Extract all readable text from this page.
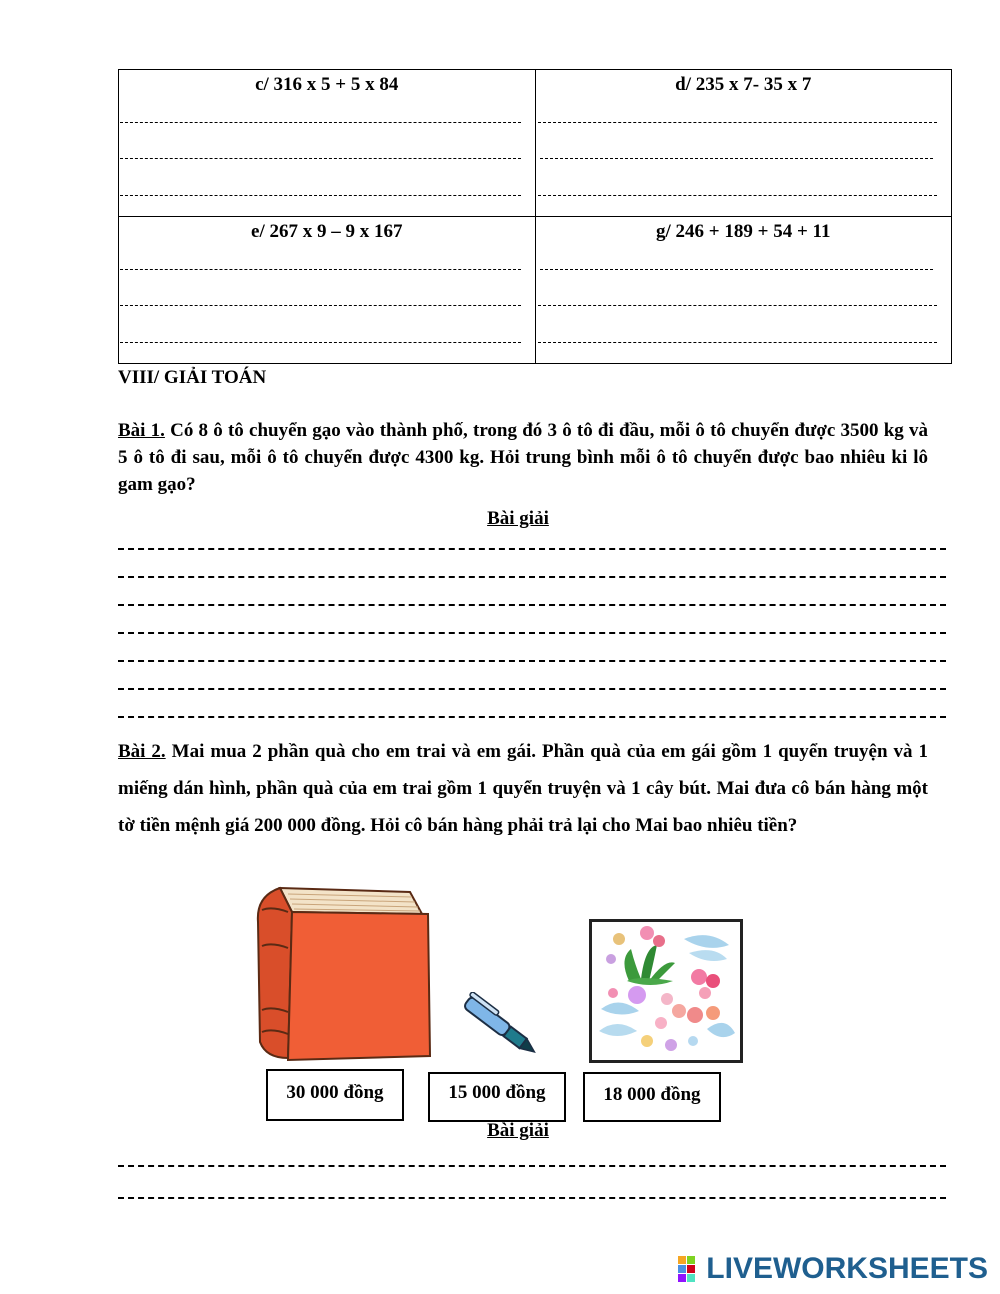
c/ 316 x 5 + 5 x 84	d/ 235 x 7- 35 x 7

e/ 267 x 9 – 9 x 167	g/ 246 + 189 + 54 + 11
VIII/ GIẢI TOÁN
Bài 1. Có 8 ô tô chuyển gạo vào thành phố, trong đó 3 ô tô đi đầu, mỗi ô tô chuyển được 3500 kg và 5 ô tô đi sau, mỗi ô tô chuyển được 4300 kg. Hỏi trung bình mỗi ô tô chuyển được bao nhiêu ki lô gam gạo?
Bài giải
Bài 2. Mai mua 2 phần quà cho em trai và em gái. Phần quà của em gái gồm 1 quyển truyện và 1 miếng dán hình, phần quà của em trai gồm 1 quyển truyện và 1 cây bút. Mai đưa cô bán hàng một tờ tiền mệnh giá 200 000 đồng. Hỏi cô bán hàng phải trả lại cho Mai bao nhiêu tiền?
30 000 đồng	15 000 đồng	18 000 đồng
Bài giải
LIVEWORKSHEETS
